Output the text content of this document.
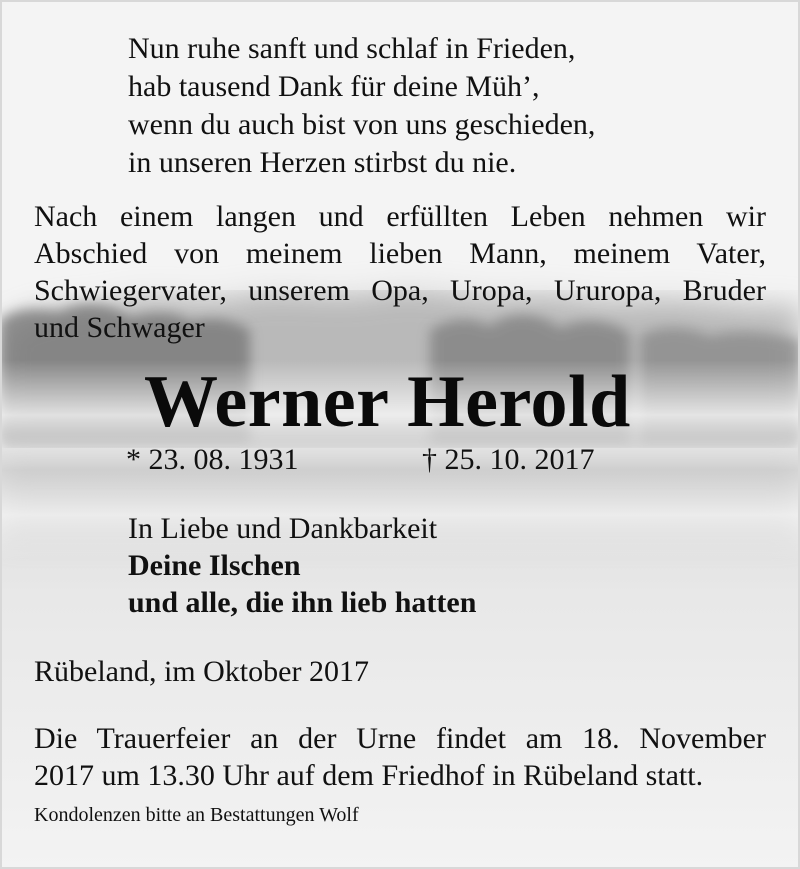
Nun ruhe sanft und schlaf in Frieden,
hab tausend Dank für deine Müh’,
wenn du auch bist von uns geschieden,
in unseren Herzen stirbst du nie.
Nach einem langen und erfüllten Leben nehmen wir
Abschied von meinem lieben Mann, meinem Vater,
Schwiegervater, unserem Opa, Uropa, Ururopa, Bruder
und Schwager
Werner Herold
* 23. 08. 1931	† 25. 10. 2017
In Liebe und Dankbarkeit
Deine Ilschen
und alle, die ihn lieb hatten
Rübeland, im Oktober 2017
Die Trauerfeier an der Urne findet am 18. November
2017 um 13.30 Uhr auf dem Friedhof in Rübeland statt.
Kondolenzen bitte an Bestattungen Wolf
